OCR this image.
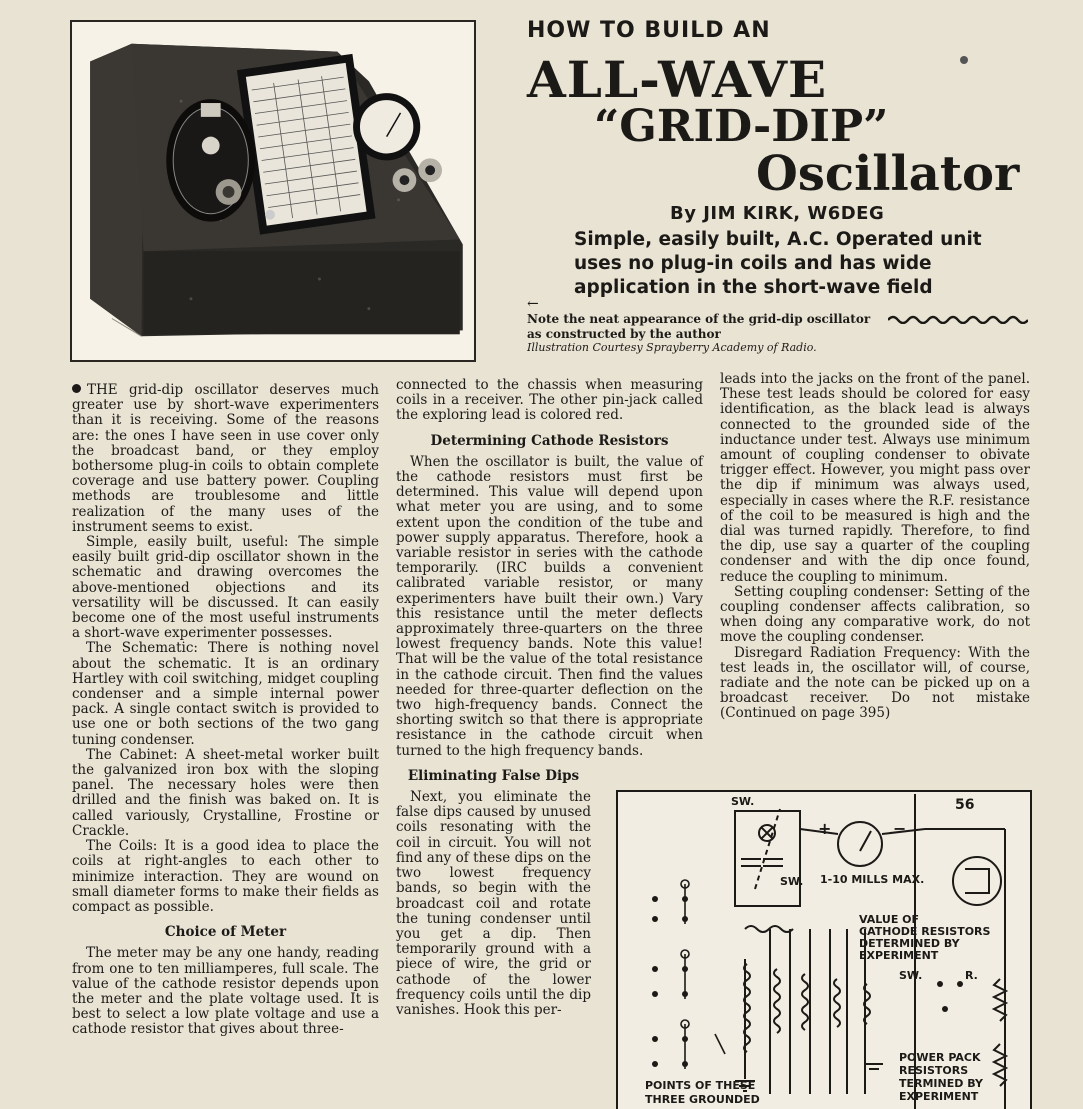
HOW TO BUILD AN
ALL-WAVE
“GRID-DIP”
Oscillator
By JIM KIRK, W6DEG
Simple, easily built, A.C. Operated unit uses no plug-in coils and has wide application in the short-wave field
←
Note the neat appearance of the grid-dip oscillator as constructed by the author
Illustration Courtesy Sprayberry Academy of Radio.

THE grid-dip oscillator deserves much greater use by short-wave experimenters than it is receiving. Some of the reasons are: the ones I have seen in use cover only the broadcast band, or they employ bothersome plug-in coils to obtain complete coverage and use battery power. Coupling methods are troublesome and little realization of the many uses of the instrument seems to exist.

Simple, easily built, useful: The simple easily built grid-dip oscillator shown in the schematic and drawing overcomes the above-mentioned objections and its versatility will be discussed. It can easily become one of the most useful instruments a short-wave experimenter possesses.

The Schematic: There is nothing novel about the schematic. It is an ordinary Hartley with coil switching, midget coupling condenser and a simple internal power pack. A single contact switch is provided to use one or both sections of the two gang tuning condenser.

The Cabinet: A sheet-metal worker built the galvanized iron box with the sloping panel. The necessary holes were then drilled and the finish was baked on. It is called variously, Crystalline, Frostine or Crackle.

The Coils: It is a good idea to place the coils at right-angles to each other to minimize interaction. They are wound on small diameter forms to make their fields as compact as possible.

Choice of Meter

The meter may be any one handy, reading from one to ten milliamperes, full scale. The value of the cathode resistor depends upon the meter and the plate voltage used. It is best to select a low plate voltage and use a cathode resistor that gives about three-

connected to the chassis when measuring coils in a receiver. The other pin-jack called the exploring lead is colored red.

Determining Cathode Resistors

When the oscillator is built, the value of the cathode resistors must first be determined. This value will depend upon what meter you are using, and to some extent upon the condition of the tube and power supply apparatus. Therefore, hook a variable resistor in series with the cathode temporarily. (IRC builds a convenient calibrated variable resistor, or many experimenters have built their own.) Vary this resistance until the meter deflects approximately three-quarters on the three lowest frequency bands. Note this value! That will be the value of the total resistance in the cathode circuit. Then find the values needed for three-quarter deflection on the two high-frequency bands. Connect the shorting switch so that there is appropriate resistance in the cathode circuit when turned to the high frequency bands.

Eliminating False Dips

Next, you eliminate the false dips caused by unused coils resonating with the coil in circuit. You will not find any of these dips on the two lowest frequency bands, so begin with the broadcast coil and rotate the tuning condenser until you get a dip. Then temporarily ground with a piece of wire, the grid or cathode of the lower frequency coils until the dip vanishes. Hook this per-

leads into the jacks on the front of the panel. These test leads should be colored for easy identification, as the black lead is always connected to the grounded side of the inductance under test. Always use minimum amount of coupling condenser to obivate trigger effect. However, you might pass over the dip if minimum was always used, especially in cases where the R.F. resistance of the coil to be measured is high and the dial was turned rapidly. Therefore, to find the dip, use say a quarter of the coupling condenser and with the dip once found, reduce the coupling to minimum.

Setting coupling condenser: Setting of the coupling condenser affects calibration, so when doing any comparative work, do not move the coupling condenser.

Disregard Radiation Frequency: With the test leads in, the oscillator will, of course, radiate and the note can be picked up on a broadcast receiver. Do not mistake (Continued on page 395)

SW.	56
+	−
SW. 1-10 MILLS MAX.
VALUE OF CATHODE RESISTORS DETERMINED BY EXPERIMENT
SW.	R.
POWER PACK RESISTORS TERMINED BY EXPERIMENT
POINTS OF THESE THREE GROUNDED
